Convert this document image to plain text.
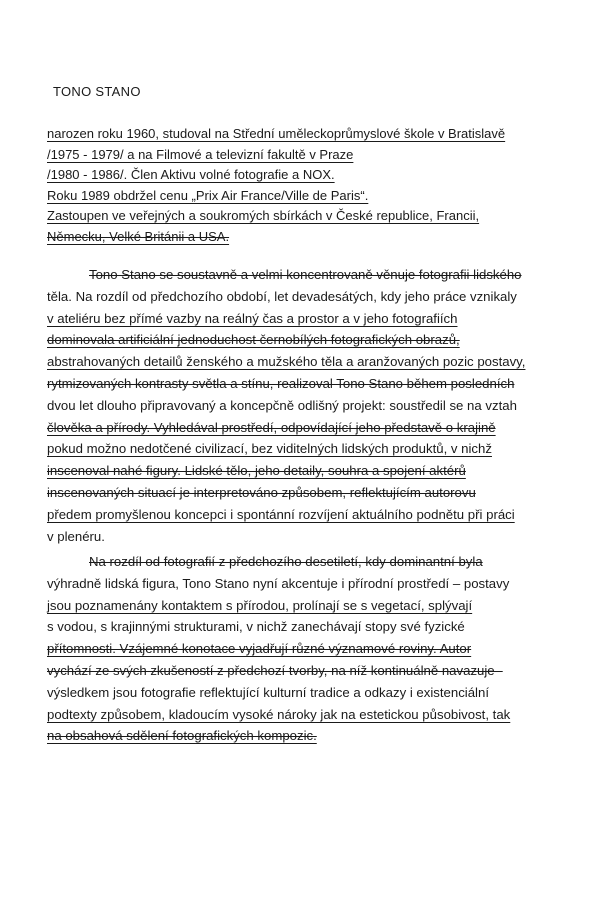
TONO STANO
narozen roku 1960, studoval na Střední uměleckoprůmyslové škole v Bratislavě
/1975 - 1979/ a na Filmové a televizní fakultě v Praze
/1980 - 1986/. Člen Aktivu volné fotografie a NOX.
Roku 1989 obdržel cenu „Prix Air France/Ville de Paris“.
Zastoupen ve veřejných a soukromých sbírkách v České republice, Francii,
Německu, Velké Británii a USA.
Tono Stano se soustavně a velmi koncentrovaně věnuje fotografii lidského
těla. Na rozdíl od předchozího období, let devadesátých, kdy jeho práce vznikaly
v ateliéru bez přímé vazby na reálný čas a prostor a v jeho fotografiích
dominovala artificiální jednoduchost černobílých fotografických obrazů,
abstrahovaných detailů ženského a mužského těla a aranžovaných pozic postavy,
rytmizovaných kontrasty světla a stínu, realizoval Tono Stano během posledních
dvou let dlouho připravovaný a koncepčně odlišný projekt: soustředil se na vztah
člověka a přírody. Vyhledával prostředí, odpovídající jeho představě o krajině
pokud možno nedotčené civilizací, bez viditelných lidských produktů, v nichž
inscenoval nahé figury. Lidské tělo, jeho detaily, souhra a spojení aktérů
inscenovaných situací je interpretováno způsobem, reflektujícím autorovu
předem promyšlenou koncepci i spontánní rozvíjení aktuálního podnětu při práci
v plenéru.
Na rozdíl od fotografií z předchozího desetiletí, kdy dominantní byla
výhradně lidská figura, Tono Stano nyní akcentuje i přírodní prostředí – postavy
jsou poznamenány kontaktem s přírodou, prolínají se s vegetací, splývají
s vodou, s krajinnými strukturami, v nichž zanechávají stopy své fyzické
přítomnosti. Vzájemné konotace vyjadřují různé významové roviny. Autor
vychází ze svých zkušeností z předchozí tvorby, na níž kontinuálně navazuje -
výsledkem jsou fotografie reflektující kulturní tradice a odkazy i existenciální
podtexty způsobem, kladoucím vysoké nároky jak na estetickou působivost, tak
na obsahová sdělení fotografických kompozic.
